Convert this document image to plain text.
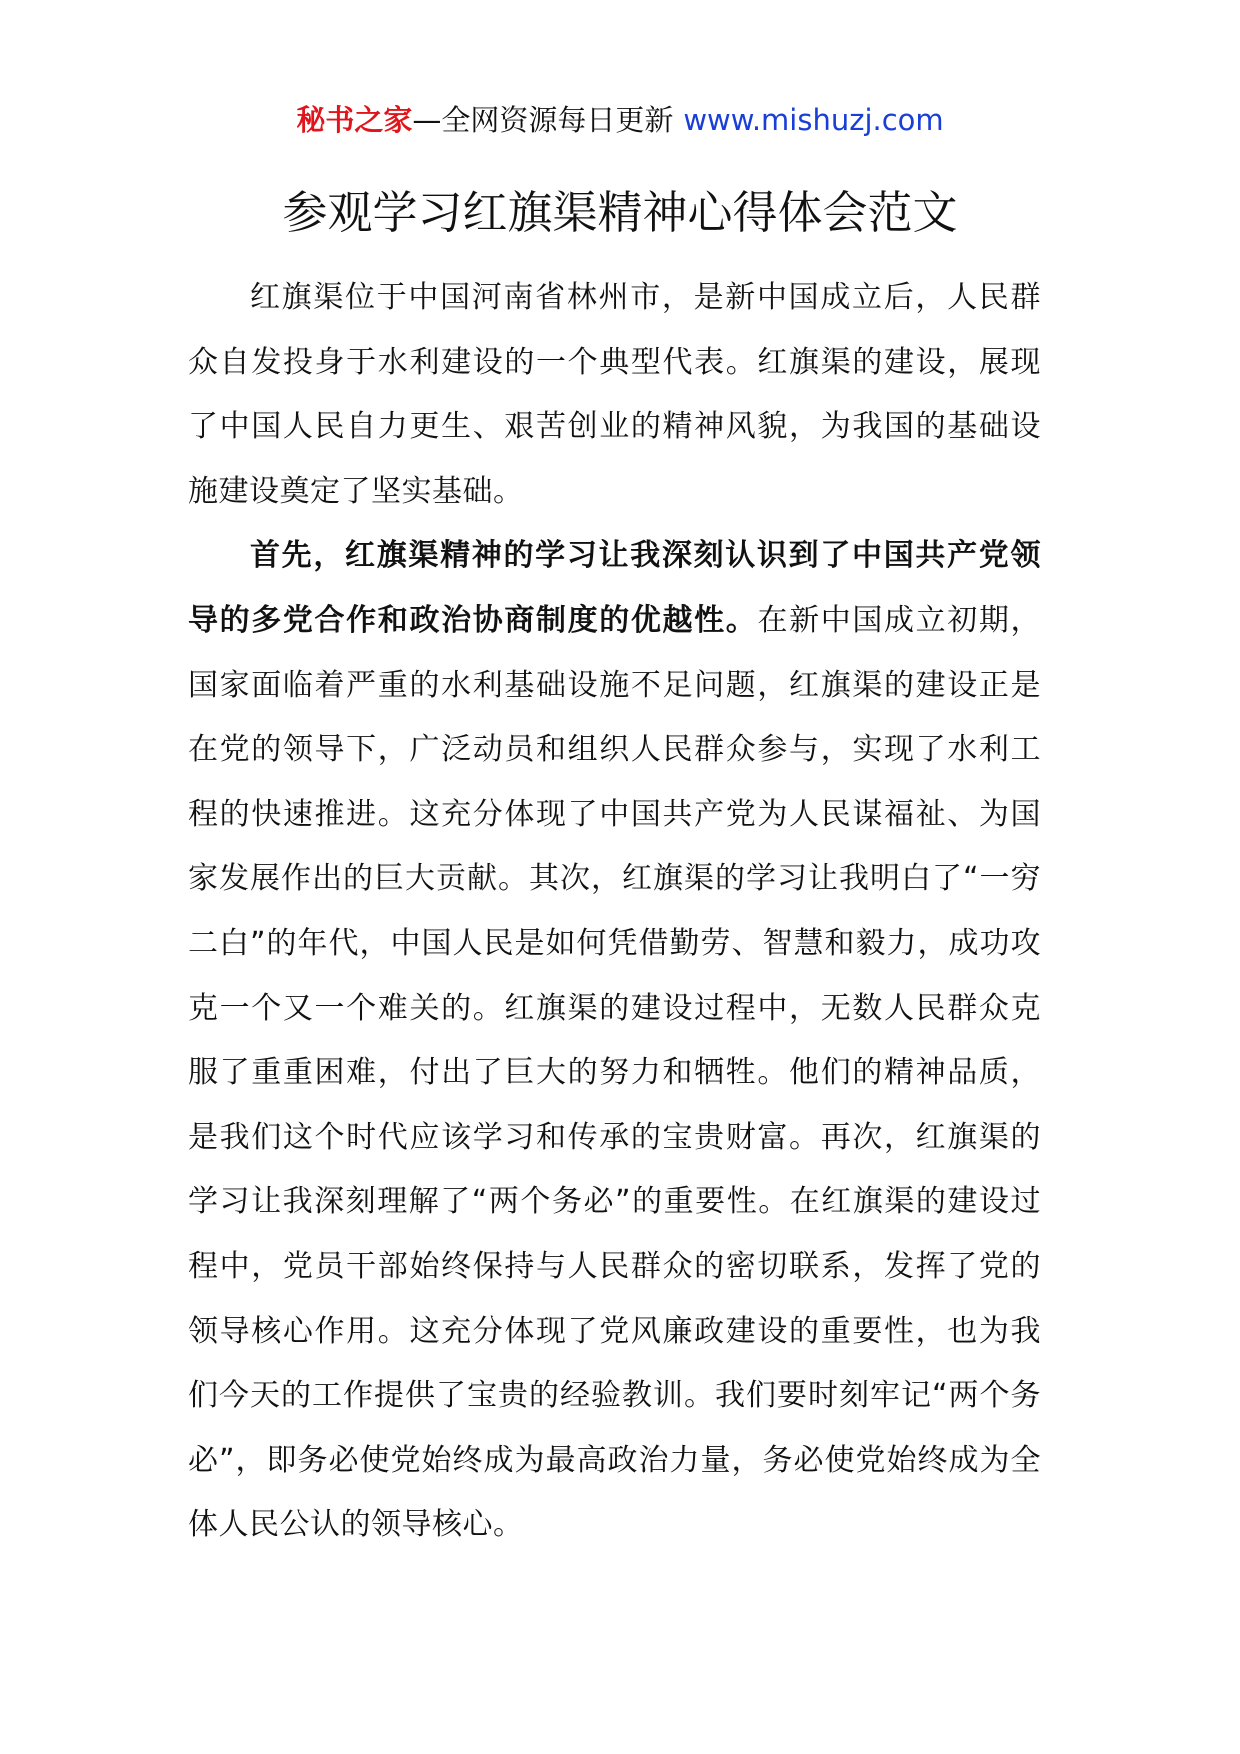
秘书之家—全网资源每日更新 www.mishuzj.com
参观学习红旗渠精神心得体会范文

红旗渠位于中国河南省林州市，是新中国成立后，人民群众自发投身于水利建设的一个典型代表。红旗渠的建设，展现了中国人民自力更生、艰苦创业的精神风貌，为我国的基础设施建设奠定了坚实基础。

首先，红旗渠精神的学习让我深刻认识到了中国共产党领导的多党合作和政治协商制度的优越性。在新中国成立初期，国家面临着严重的水利基础设施不足问题，红旗渠的建设正是在党的领导下，广泛动员和组织人民群众参与，实现了水利工程的快速推进。这充分体现了中国共产党为人民谋福祉、为国家发展作出的巨大贡献。其次，红旗渠的学习让我明白了“一穷二白”的年代，中国人民是如何凭借勤劳、智慧和毅力，成功攻克一个又一个难关的。红旗渠的建设过程中，无数人民群众克服了重重困难，付出了巨大的努力和牺牲。他们的精神品质，是我们这个时代应该学习和传承的宝贵财富。再次，红旗渠的学习让我深刻理解了“两个务必”的重要性。在红旗渠的建设过程中，党员干部始终保持与人民群众的密切联系，发挥了党的领导核心作用。这充分体现了党风廉政建设的重要性，也为我们今天的工作提供了宝贵的经验教训。我们要时刻牢记“两个务必”，即务必使党始终成为最高政治力量，务必使党始终成为全体人民公认的领导核心。
